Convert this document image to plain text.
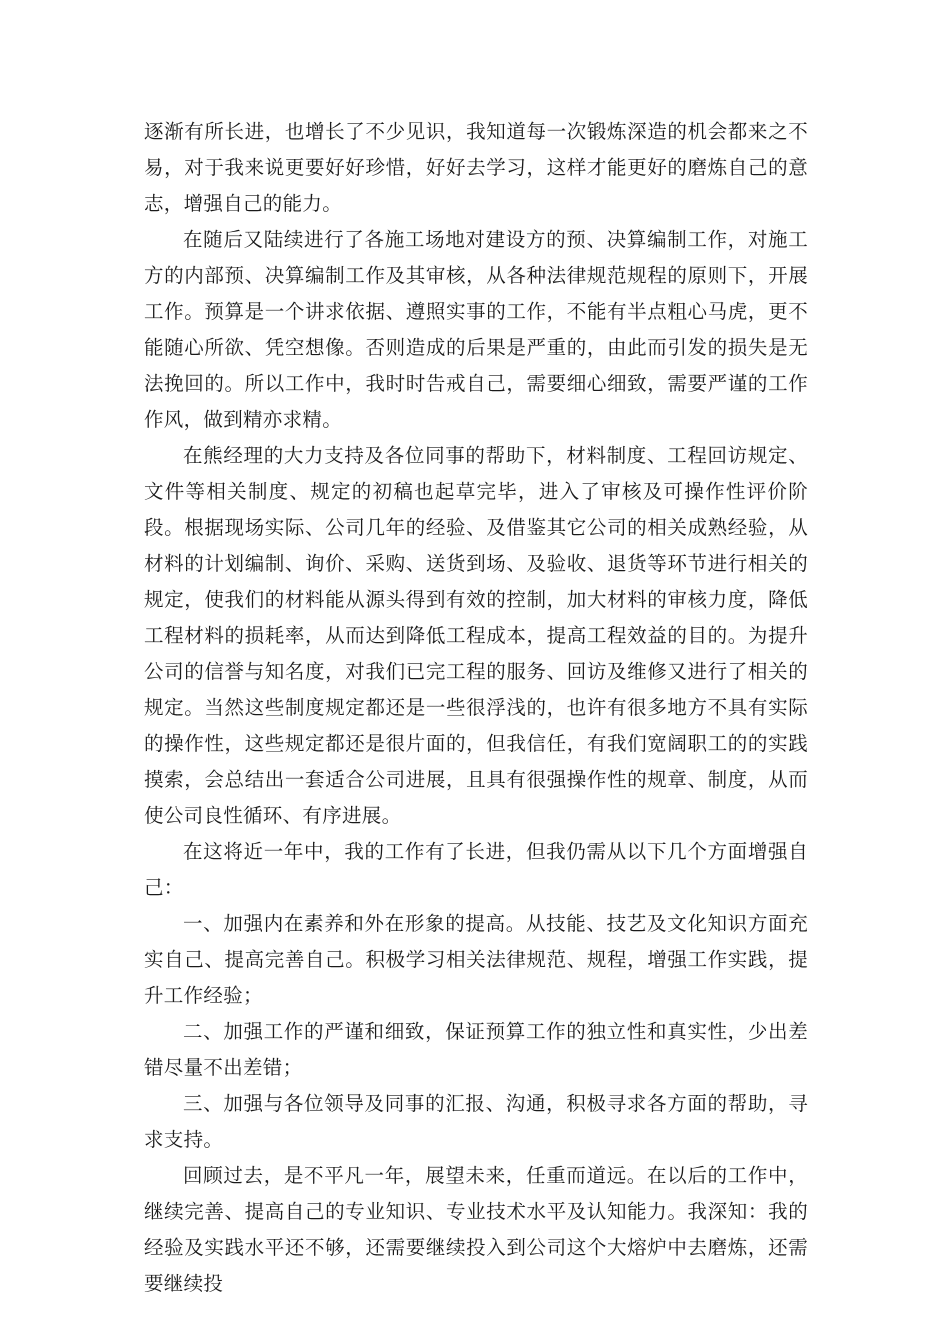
逐渐有所长进，也增长了不少见识，我知道每一次锻炼深造的机会都来之不易，对于我来说更要好好珍惜，好好去学习，这样才能更好的磨炼自己的意志，增强自己的能力。

在随后又陆续进行了各施工场地对建设方的预、决算编制工作，对施工方的内部预、决算编制工作及其审核，从各种法律规范规程的原则下，开展工作。预算是一个讲求依据、遵照实事的工作，不能有半点粗心马虎，更不能随心所欲、凭空想像。否则造成的后果是严重的，由此而引发的损失是无法挽回的。所以工作中，我时时告戒自己，需要细心细致，需要严谨的工作作风，做到精亦求精。

在熊经理的大力支持及各位同事的帮助下，材料制度、工程回访规定、文件等相关制度、规定的初稿也起草完毕，进入了审核及可操作性评价阶段。根据现场实际、公司几年的经验、及借鉴其它公司的相关成熟经验，从材料的计划编制、询价、采购、送货到场、及验收、退货等环节进行相关的规定，使我们的材料能从源头得到有效的控制，加大材料的审核力度，降低工程材料的损耗率，从而达到降低工程成本，提高工程效益的目的。为提升公司的信誉与知名度，对我们已完工程的服务、回访及维修又进行了相关的规定。当然这些制度规定都还是一些很浮浅的，也许有很多地方不具有实际的操作性，这些规定都还是很片面的，但我信任，有我们宽阔职工的的实践摸索，会总结出一套适合公司进展，且具有很强操作性的规章、制度，从而使公司良性循环、有序进展。

在这将近一年中，我的工作有了长进，但我仍需从以下几个方面增强自己：

一、加强内在素养和外在形象的提高。从技能、技艺及文化知识方面充实自己、提高完善自己。积极学习相关法律规范、规程，增强工作实践，提升工作经验；

二、加强工作的严谨和细致，保证预算工作的独立性和真实性，少出差错尽量不出差错；

三、加强与各位领导及同事的汇报、沟通，积极寻求各方面的帮助，寻求支持。

回顾过去，是不平凡一年，展望未来，任重而道远。在以后的工作中，继续完善、提高自己的专业知识、专业技术水平及认知能力。我深知：我的经验及实践水平还不够，还需要继续投入到公司这个大熔炉中去磨炼，还需要继续投
